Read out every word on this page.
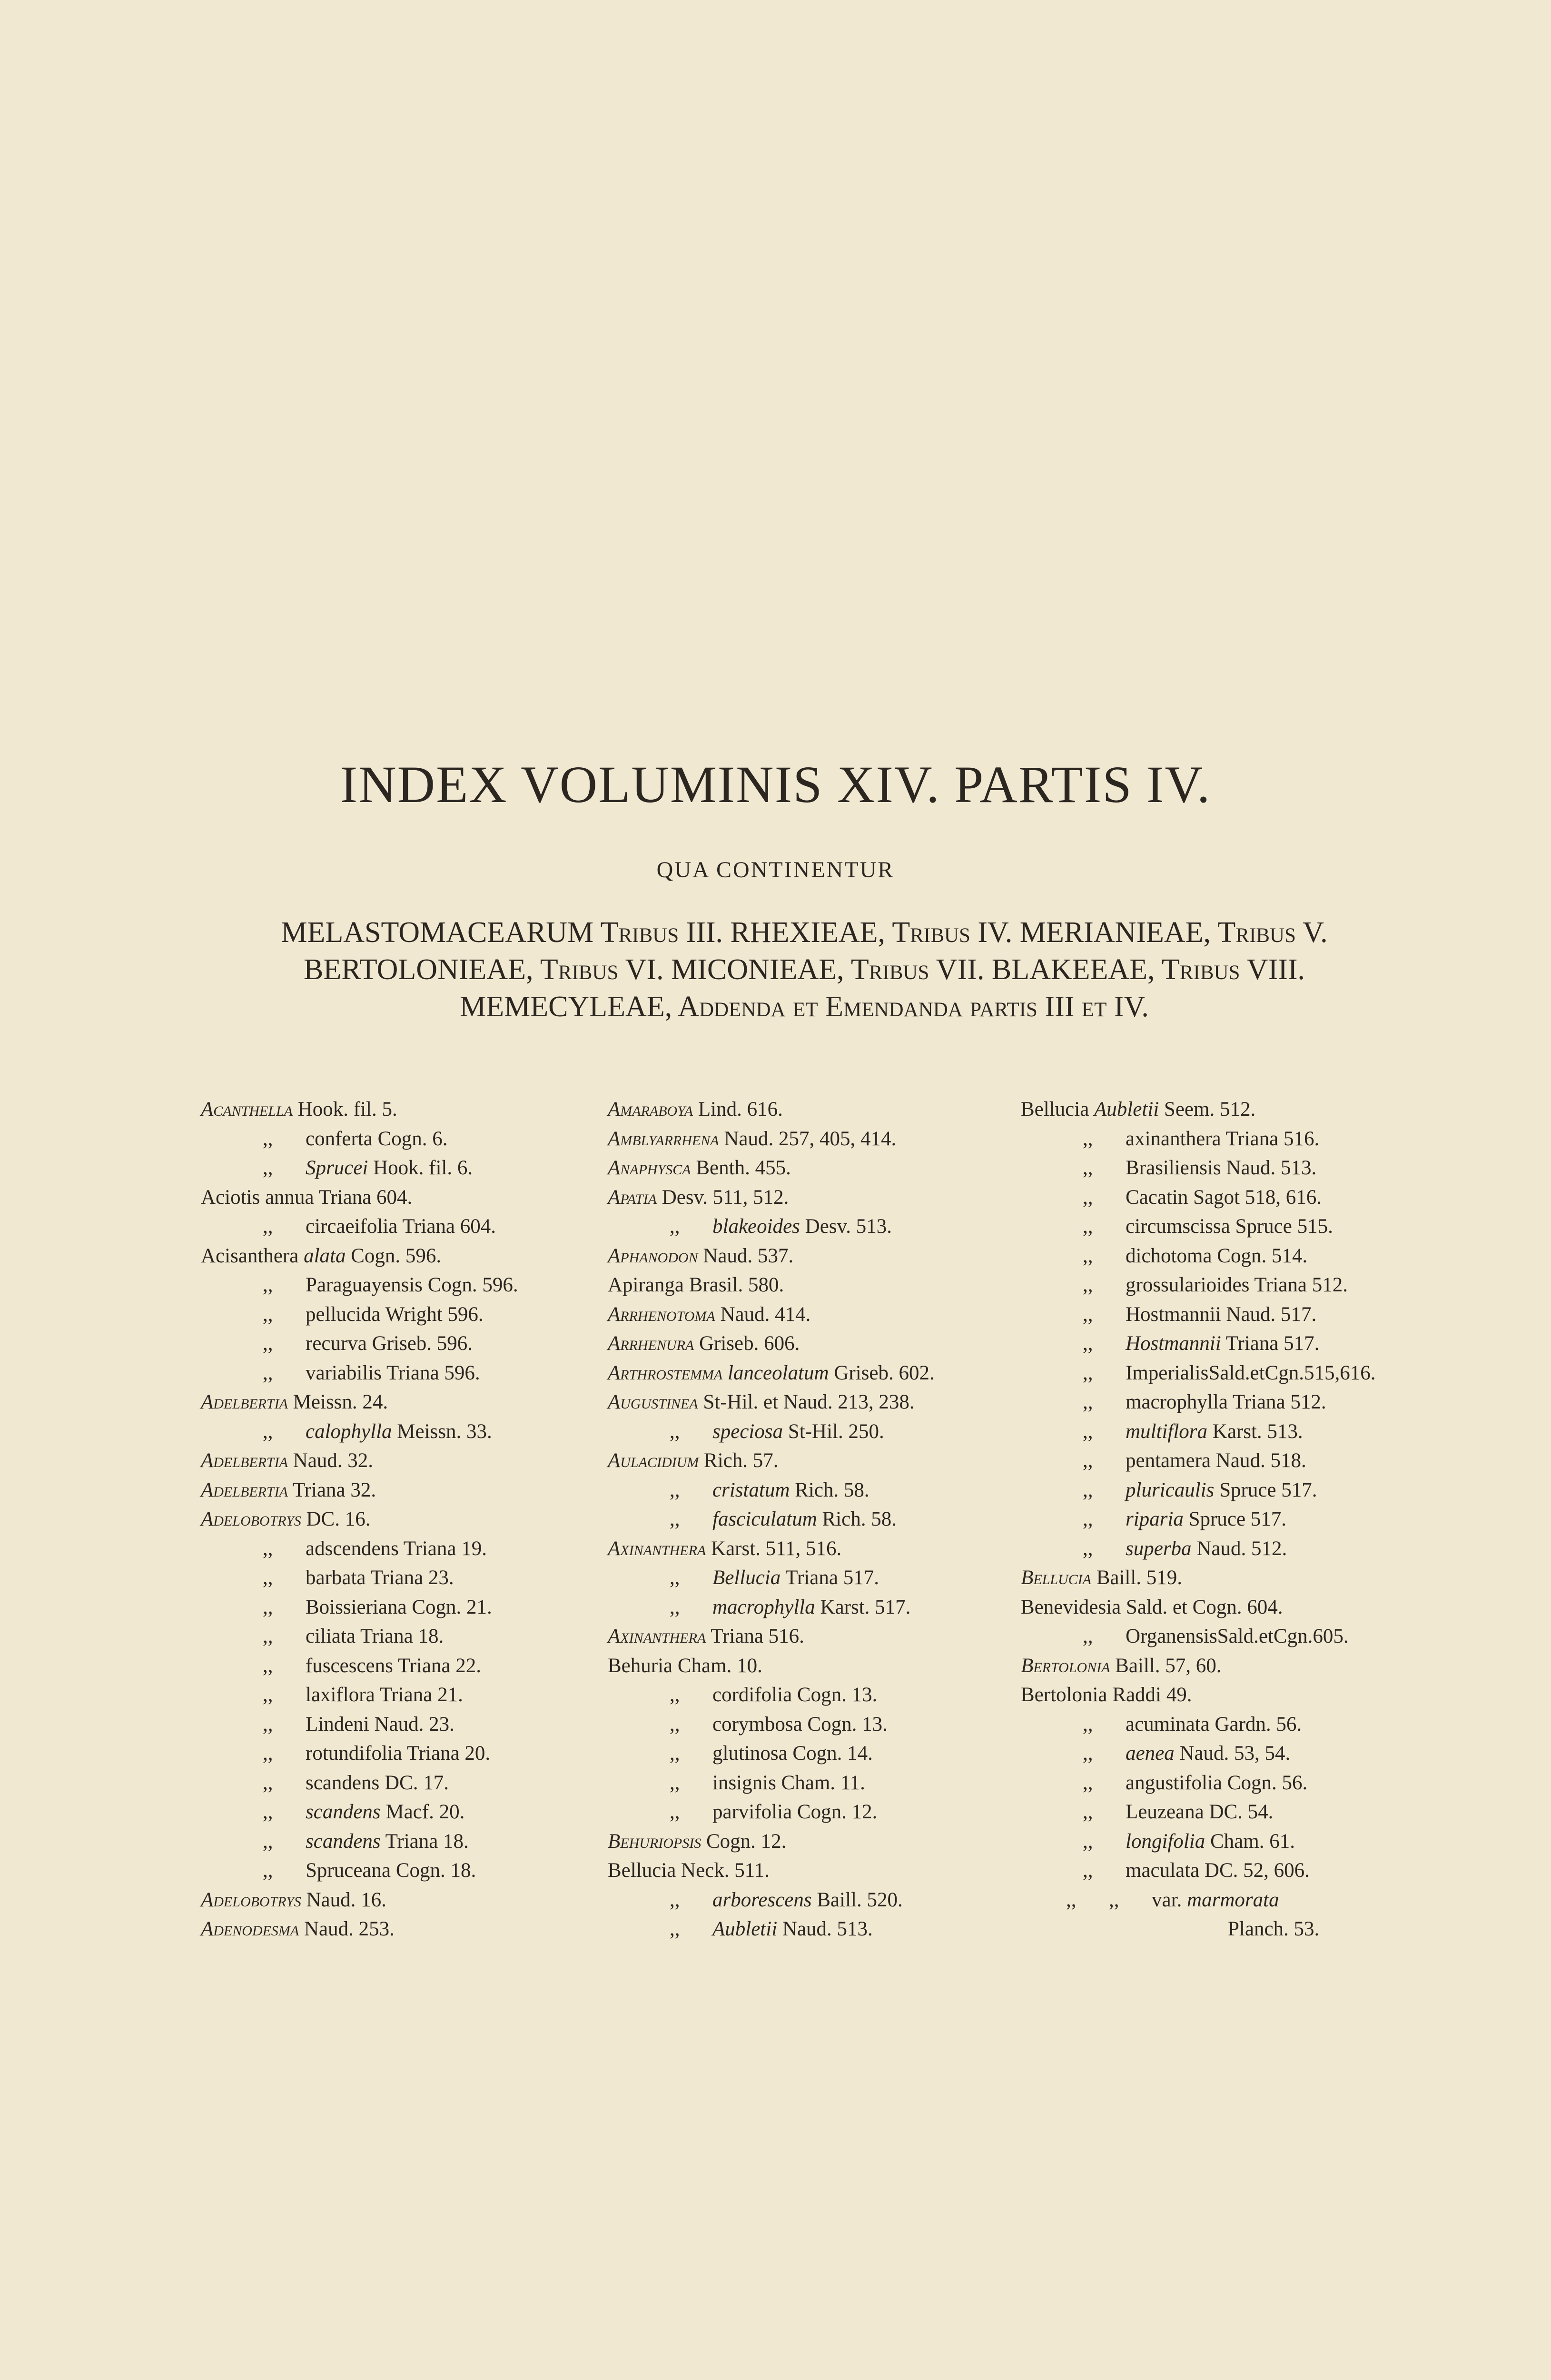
INDEX VOLUMINIS XIV. PARTIS IV.
QUA CONTINENTUR
MELASTOMACEARUM Tribus III. RHEXIEAE, Tribus IV. MERIANIEAE, Tribus V. BERTOLONIEAE, Tribus VI. MICONIEAE, Tribus VII. BLAKEEAE, Tribus VIII. MEMECYLEAE, Addenda et Emendanda partis III et IV.
Acanthella Hook. fil. 5.
,, conferta Cogn. 6.
,, Sprucei Hook. fil. 6.
Aciotis annua Triana 604.
,, circaeifolia Triana 604.
Acisanthera alata Cogn. 596.
,, Paraguayensis Cogn. 596.
,, pellucida Wright 596.
,, recurva Griseb. 596.
,, variabilis Triana 596.
Adelbertia Meissn. 24.
,, calophylla Meissn. 33.
Adelbertia Naud. 32.
Adelbertia Triana 32.
Adelobotrys DC. 16.
,, adscendens Triana 19.
,, barbata Triana 23.
,, Boissieriana Cogn. 21.
,, ciliata Triana 18.
,, fuscescens Triana 22.
,, laxiflora Triana 21.
,, Lindeni Naud. 23.
,, rotundifolia Triana 20.
,, scandens DC. 17.
,, scandens Macf. 20.
,, scandens Triana 18.
,, Spruceana Cogn. 18.
Adelobotrys Naud. 16.
Adenodesma Naud. 253.
Amaraboya Lind. 616.
Amblyarrhena Naud. 257, 405, 414.
Anaphysca Benth. 455.
Apatia Desv. 511, 512.
,, blakeoides Desv. 513.
Aphanodon Naud. 537.
Apiranga Brasil. 580.
Arrhenotoma Naud. 414.
Arrhenura Griseb. 606.
Arthrostemma lanceolatum Griseb. 602.
Augustinea St-Hil. et Naud. 213, 238.
,, speciosa St-Hil. 250.
Aulacidium Rich. 57.
,, cristatum Rich. 58.
,, fasciculatum Rich. 58.
Axinanthera Karst. 511, 516.
,, Bellucia Triana 517.
,, macrophylla Karst. 517.
Axinanthera Triana 516.
Behuria Cham. 10.
,, cordifolia Cogn. 13.
,, corymbosa Cogn. 13.
,, glutinosa Cogn. 14.
,, insignis Cham. 11.
,, parvifolia Cogn. 12.
Behuriopsis Cogn. 12.
Bellucia Neck. 511.
,, arborescens Baill. 520.
,, Aubletii Naud. 513.
Bellucia Aubletii Seem. 512.
,, axinanthera Triana 516.
,, Brasiliensis Naud. 513.
,, Cacatin Sagot 518, 616.
,, circumscissa Spruce 515.
,, dichotoma Cogn. 514.
,, grossularioides Triana 512.
,, Hostmannii Naud. 517.
,, Hostmannii Triana 517.
,, ImperialisSald.etCgn.515,616.
,, macrophylla Triana 512.
,, multiflora Karst. 513.
,, pentamera Naud. 518.
,, pluricaulis Spruce 517.
,, riparia Spruce 517.
,, superba Naud. 512.
Bellucia Baill. 519.
Benevidesia Sald. et Cogn. 604.
,, OrganensisSald.etCgn.605.
Bertolonia Baill. 57, 60.
Bertolonia Raddi 49.
,, acuminata Gardn. 56.
,, aenea Naud. 53, 54.
,, angustifolia Cogn. 56.
,, Leuzeana DC. 54.
,, longifolia Cham. 61.
,, maculata DC. 52, 606.
,, ,, var. marmorata
Planch. 53.
